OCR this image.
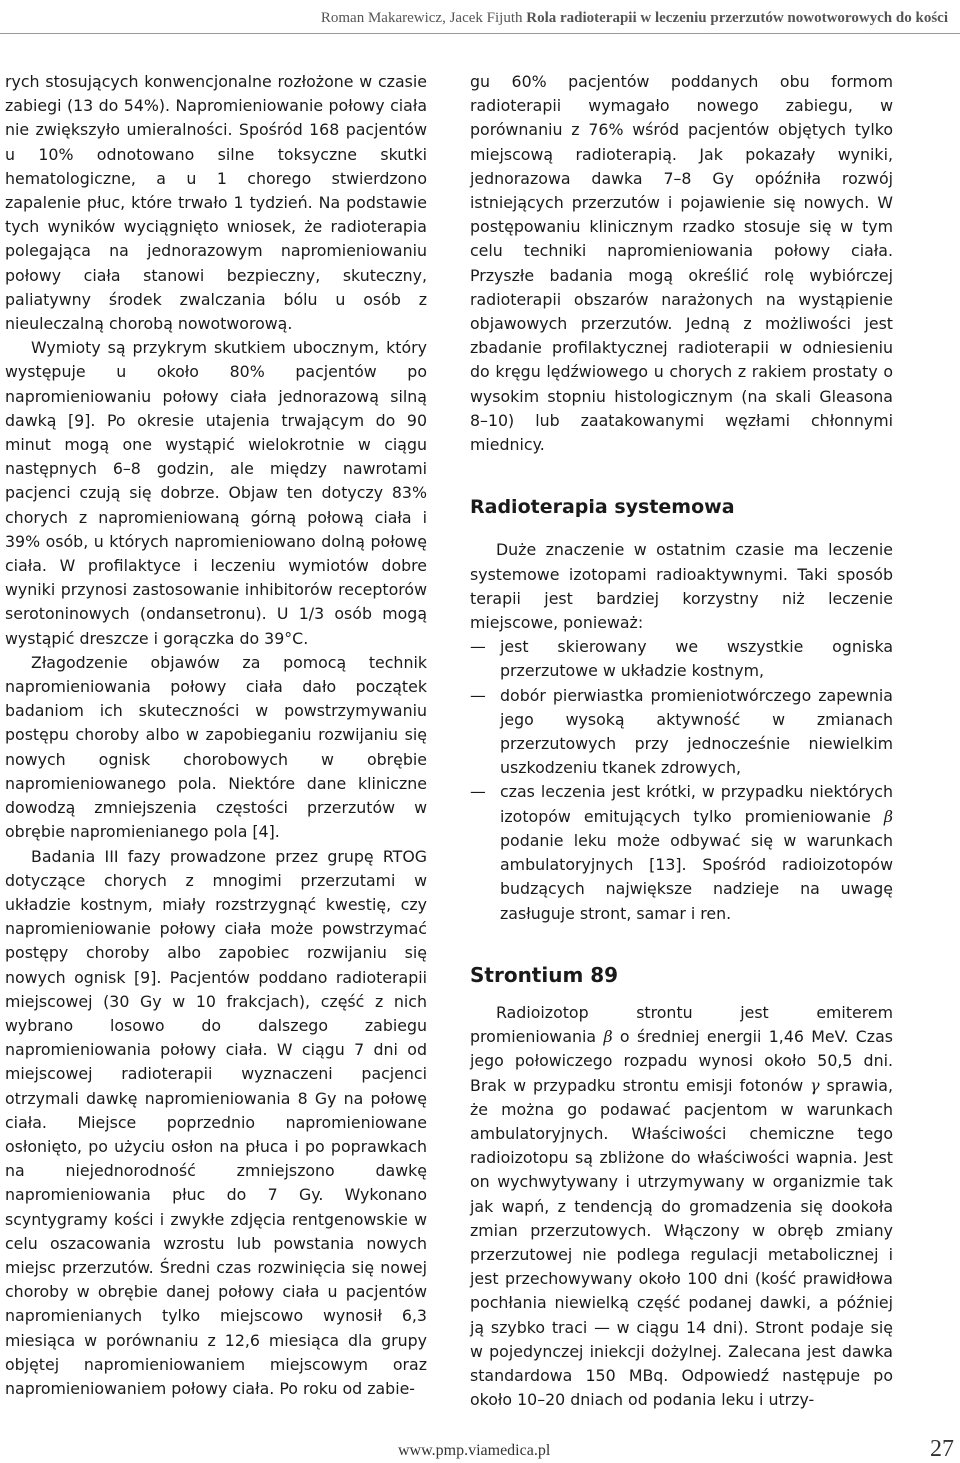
Roman Makarewicz, Jacek Fijuth Rola radioterapii w leczeniu przerzutów nowotworowych do kości

rych stosujących konwencjonalne rozłożone w czasie zabiegi (13 do 54%). Napromieniowanie połowy ciała nie zwiększyło umieralności. Spośród 168 pacjentów u 10% odnotowano silne toksyczne skutki hematologiczne, a u 1 chorego stwierdzono zapalenie płuc, które trwało 1 tydzień. Na podstawie tych wyników wyciągnięto wniosek, że radioterapia polegająca na jednorazowym napromieniowaniu połowy ciała stanowi bezpieczny, skuteczny, paliatywny środek zwalczania bólu u osób z nieuleczalną chorobą nowotworową.

Wymioty są przykrym skutkiem ubocznym, który występuje u około 80% pacjentów po napromieniowaniu połowy ciała jednorazową silną dawką [9]. Po okresie utajenia trwającym do 90 minut mogą one wystąpić wielokrotnie w ciągu następnych 6–8 godzin, ale między nawrotami pacjenci czują się dobrze. Objaw ten dotyczy 83% chorych z napromieniowaną górną połową ciała i 39% osób, u których napromieniowano dolną połowę ciała. W profilaktyce i leczeniu wymiotów dobre wyniki przynosi zastosowanie inhibitorów receptorów serotoninowych (ondansetronu). U 1/3 osób mogą wystąpić dreszcze i gorączka do 39°C.

Złagodzenie objawów za pomocą technik napromieniowania połowy ciała dało początek badaniom ich skuteczności w powstrzymywaniu postępu choroby albo w zapobieganiu rozwijaniu się nowych ognisk chorobowych w obrębie napromieniowanego pola. Niektóre dane kliniczne dowodzą zmniejszenia częstości przerzutów w obrębie napromienianego pola [4].

Badania III fazy prowadzone przez grupę RTOG dotyczące chorych z mnogimi przerzutami w układzie kostnym, miały rozstrzygnąć kwestię, czy napromieniowanie połowy ciała może powstrzymać postępy choroby albo zapobiec rozwijaniu się nowych ognisk [9]. Pacjentów poddano radioterapii miejscowej (30 Gy w 10 frakcjach), część z nich wybrano losowo do dalszego zabiegu napromieniowania połowy ciała. W ciągu 7 dni od miejscowej radioterapii wyznaczeni pacjenci otrzymali dawkę napromieniowania 8 Gy na połowę ciała. Miejsce poprzednio napromieniowane osłonięto, po użyciu osłon na płuca i po poprawkach na niejednorodność zmniejszono dawkę napromieniowania płuc do 7 Gy. Wykonano scyntygramy kości i zwykłe zdjęcia rentgenowskie w celu oszacowania wzrostu lub powstania nowych miejsc przerzutów. Średni czas rozwinięcia się nowej choroby w obrębie danej połowy ciała u pacjentów napromienianych tylko miejscowo wynosił 6,3 miesiąca w porównaniu z 12,6 miesiąca dla grupy objętej napromieniowaniem miejscowym oraz napromieniowaniem połowy ciała. Po roku od zabie-

gu 60% pacjentów poddanych obu formom radioterapii wymagało nowego zabiegu, w porównaniu z 76% wśród pacjentów objętych tylko miejscową radioterapią. Jak pokazały wyniki, jednorazowa dawka 7–8 Gy opóźniła rozwój istniejących przerzutów i pojawienie się nowych. W postępowaniu klinicznym rzadko stosuje się w tym celu techniki napromieniowania połowy ciała. Przyszłe badania mogą określić rolę wybiórczej radioterapii obszarów narażonych na wystąpienie objawowych przerzutów. Jedną z możliwości jest zbadanie profilaktycznej radioterapii w odniesieniu do kręgu lędźwiowego u chorych z rakiem prostaty o wysokim stopniu histologicznym (na skali Gleasona 8–10) lub zaatakowanymi węzłami chłonnymi miednicy.

Radioterapia systemowa

Duże znaczenie w ostatnim czasie ma leczenie systemowe izotopami radioaktywnymi. Taki sposób terapii jest bardziej korzystny niż leczenie miejscowe, ponieważ:

— jest skierowany we wszystkie ogniska przerzutowe w układzie kostnym,
— dobór pierwiastka promieniotwórczego zapewnia jego wysoką aktywność w zmianach przerzutowych przy jednocześnie niewielkim uszkodzeniu tkanek zdrowych,
— czas leczenia jest krótki, w przypadku niektórych izotopów emitujących tylko promieniowanie β podanie leku może odbywać się w warunkach ambulatoryjnych [13]. Spośród radioizotopów budzących największe nadzieje na uwagę zasługuje stront, samar i ren.
Strontium 89

Radioizotop strontu jest emiterem promieniowania β o średniej energii 1,46 MeV. Czas jego połowiczego rozpadu wynosi około 50,5 dni. Brak w przypadku strontu emisji fotonów γ sprawia, że można go podawać pacjentom w warunkach ambulatoryjnych. Właściwości chemiczne tego radioizotopu są zbliżone do właściwości wapnia. Jest on wychwytywany i utrzymywany w organizmie tak jak wapń, z tendencją do gromadzenia się dookoła zmian przerzutowych. Włączony w obręb zmiany przerzutowej nie podlega regulacji metabolicznej i jest przechowywany około 100 dni (kość prawidłowa pochłania niewielką część podanej dawki, a później ją szybko traci — w ciągu 14 dni). Stront podaje się w pojedynczej iniekcji dożylnej. Zalecana jest dawka standardowa 150 MBq. Odpowiedź następuje po około 10–20 dniach od podania leku i utrzy-

www.pmp.viamedica.pl	27
